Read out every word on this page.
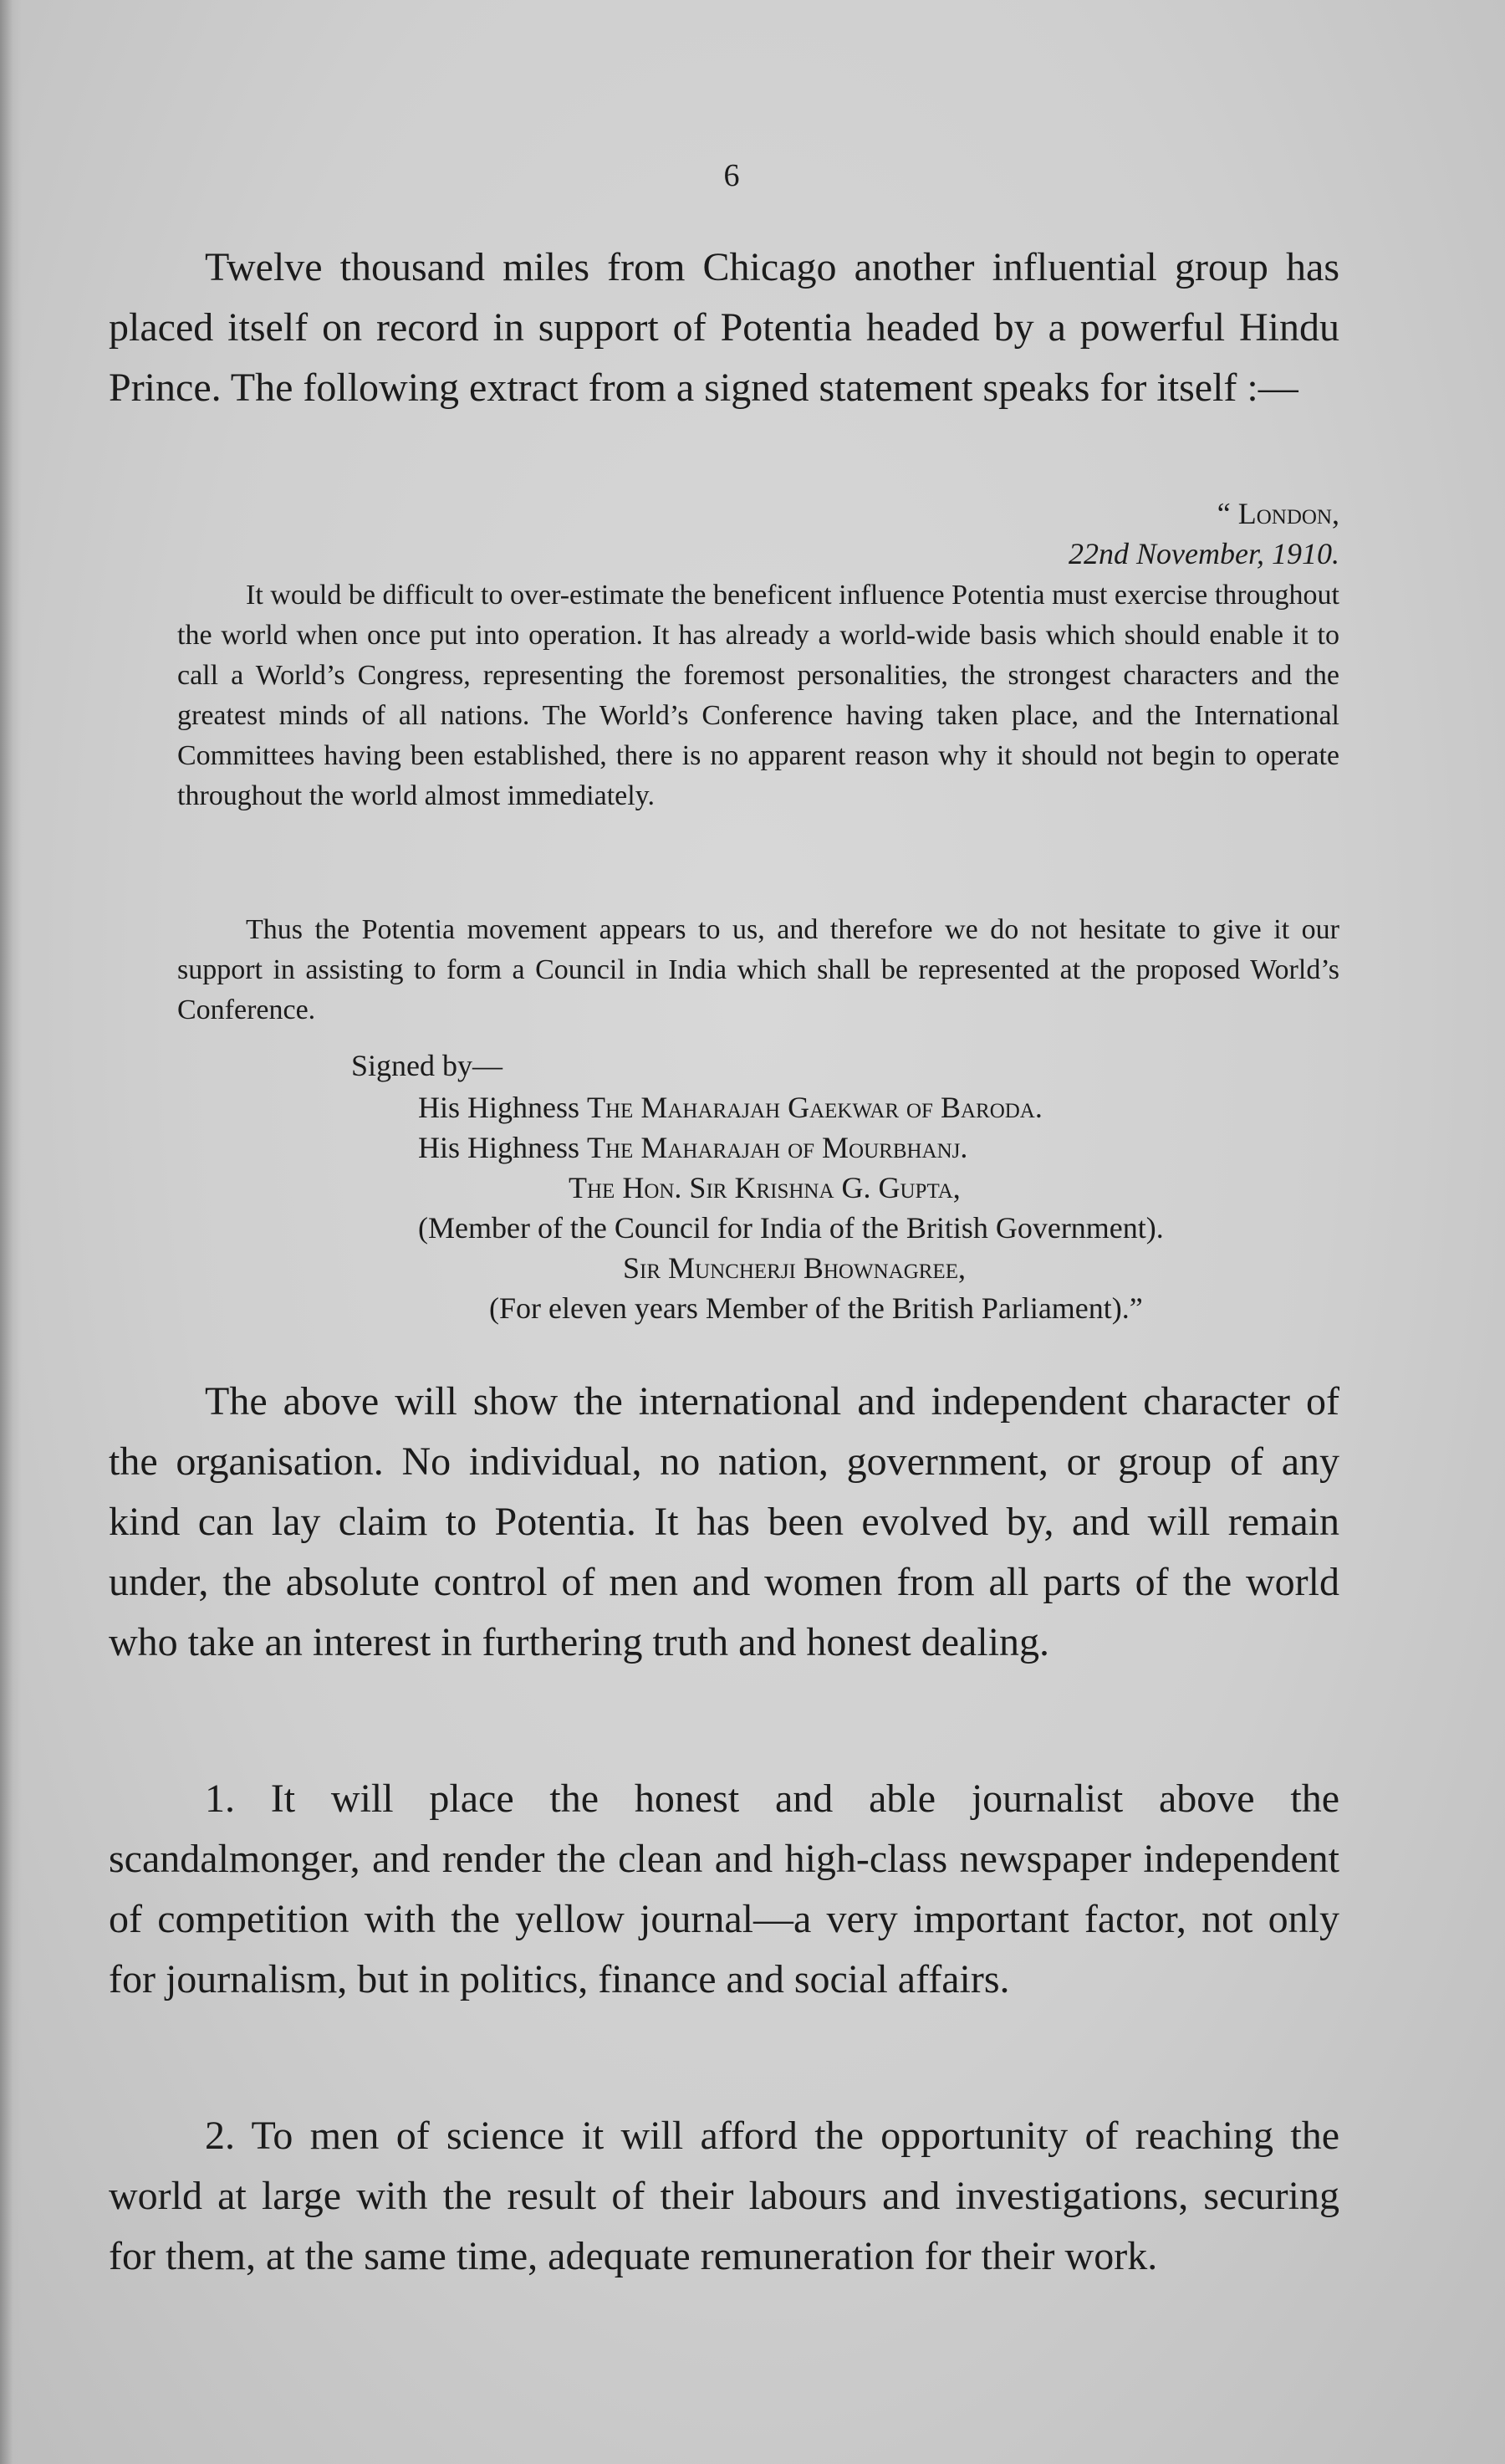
6

Twelve thousand miles from Chicago another influential group has placed itself on record in support of Potentia headed by a powerful Hindu Prince. The following extract from a signed statement speaks for itself :—

“ London,
22nd November, 1910.

It would be difficult to over-estimate the beneficent influence Potentia must exercise throughout the world when once put into operation. It has already a world-wide basis which should enable it to call a World’s Congress, representing the foremost personalities, the strongest characters and the greatest minds of all nations. The World’s Conference having taken place, and the International Committees having been established, there is no apparent reason why it should not begin to operate throughout the world almost immediately.

Thus the Potentia movement appears to us, and therefore we do not hesitate to give it our support in assisting to form a Council in India which shall be represented at the proposed World’s Conference.

Signed by—
His Highness The Maharajah Gaekwar of Baroda.
His Highness The Maharajah of Mourbhanj.
The Hon. Sir Krishna G. Gupta,
(Member of the Council for India of the British Government).
Sir Muncherji Bhownagree,
(For eleven years Member of the British Parliament).”

The above will show the international and independent character of the organisation. No individual, no nation, government, or group of any kind can lay claim to Potentia. It has been evolved by, and will remain under, the absolute control of men and women from all parts of the world who take an interest in furthering truth and honest dealing.

1. It will place the honest and able journalist above the scandalmonger, and render the clean and high-class newspaper independent of competition with the yellow journal—a very important factor, not only for journalism, but in politics, finance and social affairs.

2. To men of science it will afford the opportunity of reaching the world at large with the result of their labours and investigations, securing for them, at the same time, adequate remuneration for their work.
